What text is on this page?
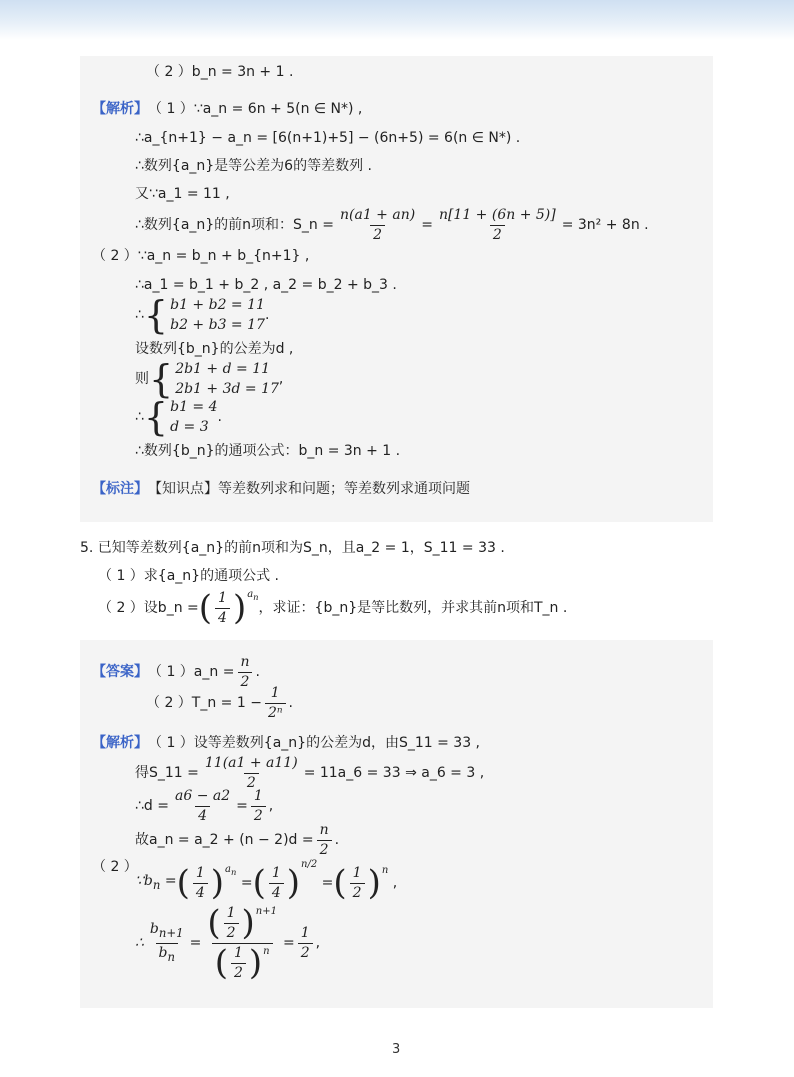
（ 2 ）b_n = 3n + 1 .
【解析】 （ 1 ）∵a_n = 6n + 5(n ∈ N*) ,
∴a_{n+1} − a_n = [6(n+1)+5] − (6n+5) = 6(n ∈ N*) .
∴数列{a_n}是等公差为6的等差数列 .
又∵a_1 = 11 ,
∴数列{a_n}的前n项和：S_n = $\frac{n(a1 + an)}{2} = \frac{n[11 + (6n + 5)]}{2} = 3n^2 + 8n$ .
（ 2 ）∵a_n = b_n + b_{n+1} ,
∴a_1 = b_1 + b_2 , a_2 = b_2 + b_3 .
∴ { b1 + b2 = 11
b2 + b3 = 17
.
设数列{b_n}的公差为d ,
则 { 2b1 + d = 11
2b1 + 3d = 17
,
∴ { b1 = 4
d = 3
.
∴数列{b_n}的通项公式：b_n = 3n + 1 .
【标注】 【知识点】等差数列求和问题；等差数列求通项问题
5. 已知等差数列{a_n}的前n项和为S_n，且a_2 = 1，S_11 = 33 .
（ 1 ）求{a_n}的通项公式 .
（ 2 ）设b_n = ( $\frac{1}{4}$ ) $a_n$
，求证：{b_n}是等比数列，并求其前n项和T_n .
【答案】 （ 1 ）a_n = $\frac{n}{2}$ .
（ 2 ）T_n = $1 - \frac{1}{\text{2ⁿ}}$ .
【解析】 （ 1 ）设等差数列{a_n}的公差为d，由S_11 = 33 ,
得S_11 = $\frac{11(a1 + a11)}{2}$ = 11a_6 = 33 ⇒ a_6 = 3 ,
∴d = $\frac{a6 - a2}{4} = \frac{1}{2}$ ,
故a_n = a_2 + $(n - 2)d = \frac{n}{2}$ .
（ 2 ）
$\because b_n$ = ( $\frac{1}{4}$ ) $a_n$
= ( $\frac{1}{4}$ ) n/2
= ( $\frac{1}{2}$ ) n
,
∴ $\frac{b_{n+1}}{b_n} = \frac{( \frac{1}{2} ) n+1}{( \frac{1}{2} ) n} = \frac{1}{2}$ ,
3
